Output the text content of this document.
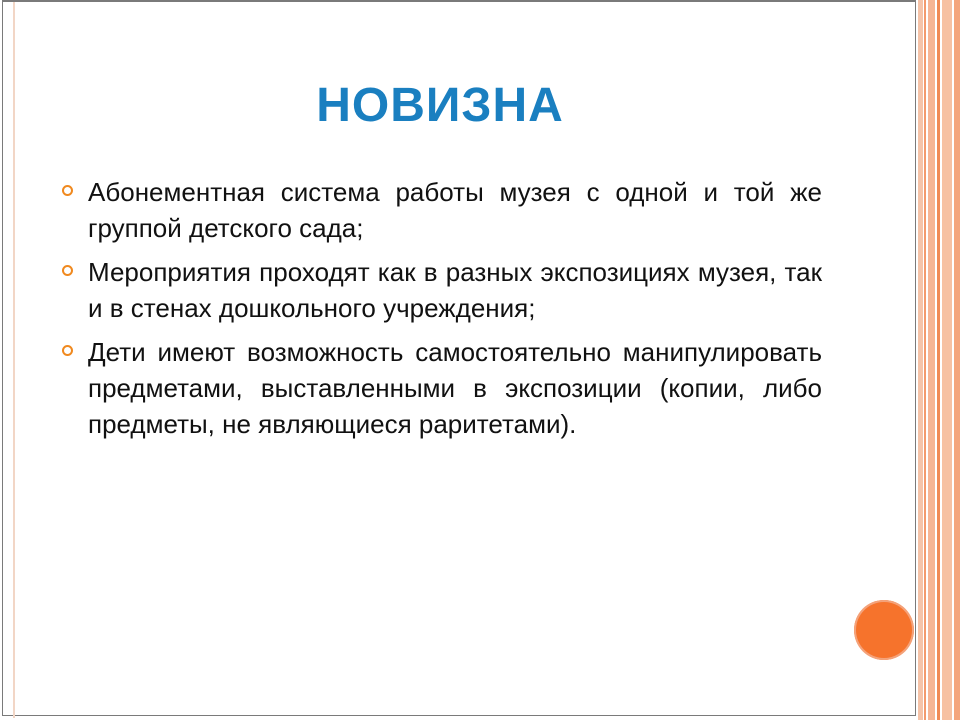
НОВИЗНА
Абонементная система работы музея с одной и той же группой детского сада;
Мероприятия проходят как в разных экспозициях музея, так и в стенах дошкольного учреждения;
Дети имеют возможность самостоятельно манипулировать предметами, выставленными в экспозиции (копии, либо предметы, не являющиеся раритетами).
